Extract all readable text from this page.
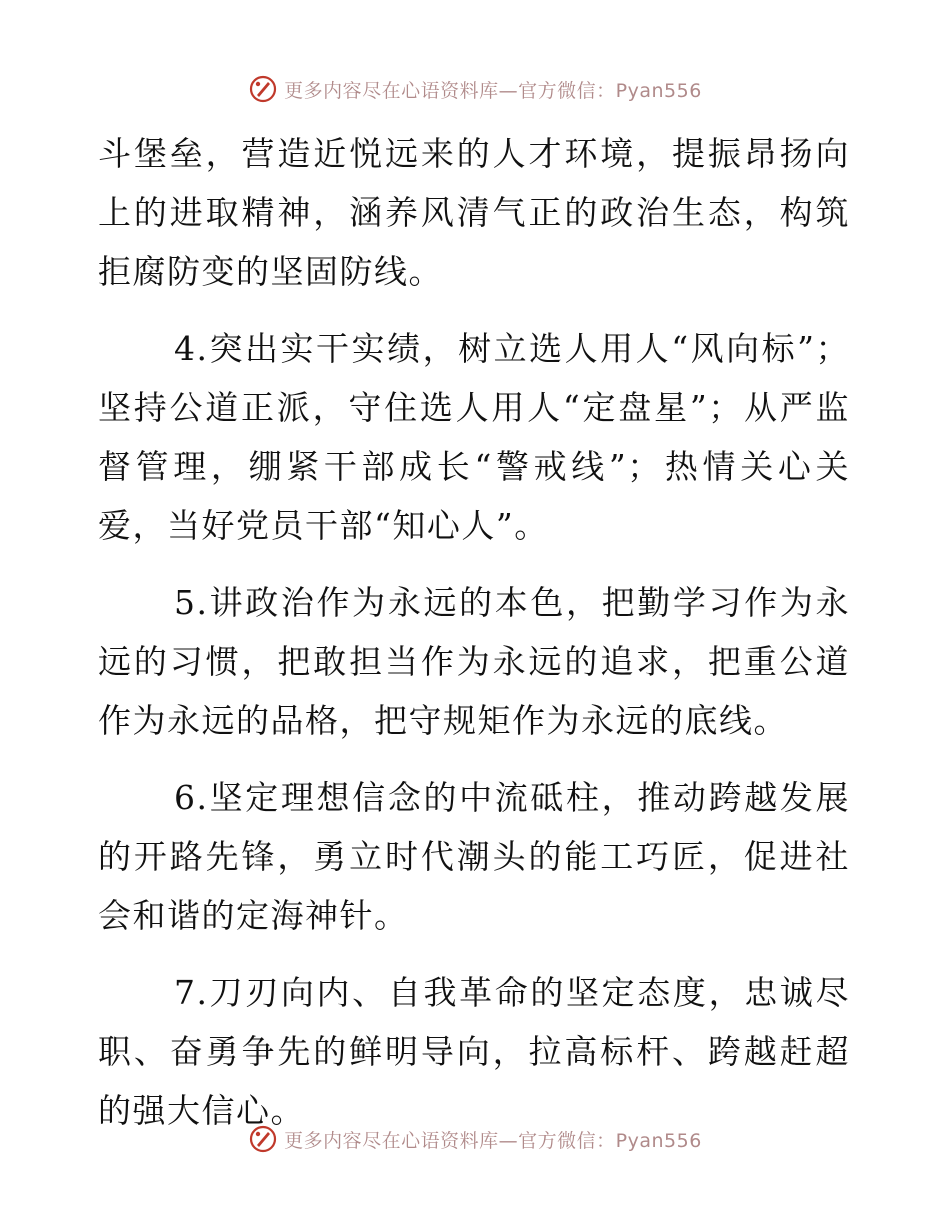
更多内容尽在心语资料库—官方微信：Pyan556

斗堡垒，营造近悦远来的人才环境，提振昂扬向上的进取精神，涵养风清气正的政治生态，构筑拒腐防变的坚固防线。

4.突出实干实绩，树立选人用人“风向标”；坚持公道正派，守住选人用人“定盘星”；从严监督管理，绷紧干部成长“警戒线”；热情关心关爱，当好党员干部“知心人”。

5.讲政治作为永远的本色，把勤学习作为永远的习惯，把敢担当作为永远的追求，把重公道作为永远的品格，把守规矩作为永远的底线。

6.坚定理想信念的中流砥柱，推动跨越发展的开路先锋，勇立时代潮头的能工巧匠，促进社会和谐的定海神针。

7.刀刃向内、自我革命的坚定态度，忠诚尽职、奋勇争先的鲜明导向，拉高标杆、跨越赶超的强大信心。

更多内容尽在心语资料库—官方微信：Pyan556
